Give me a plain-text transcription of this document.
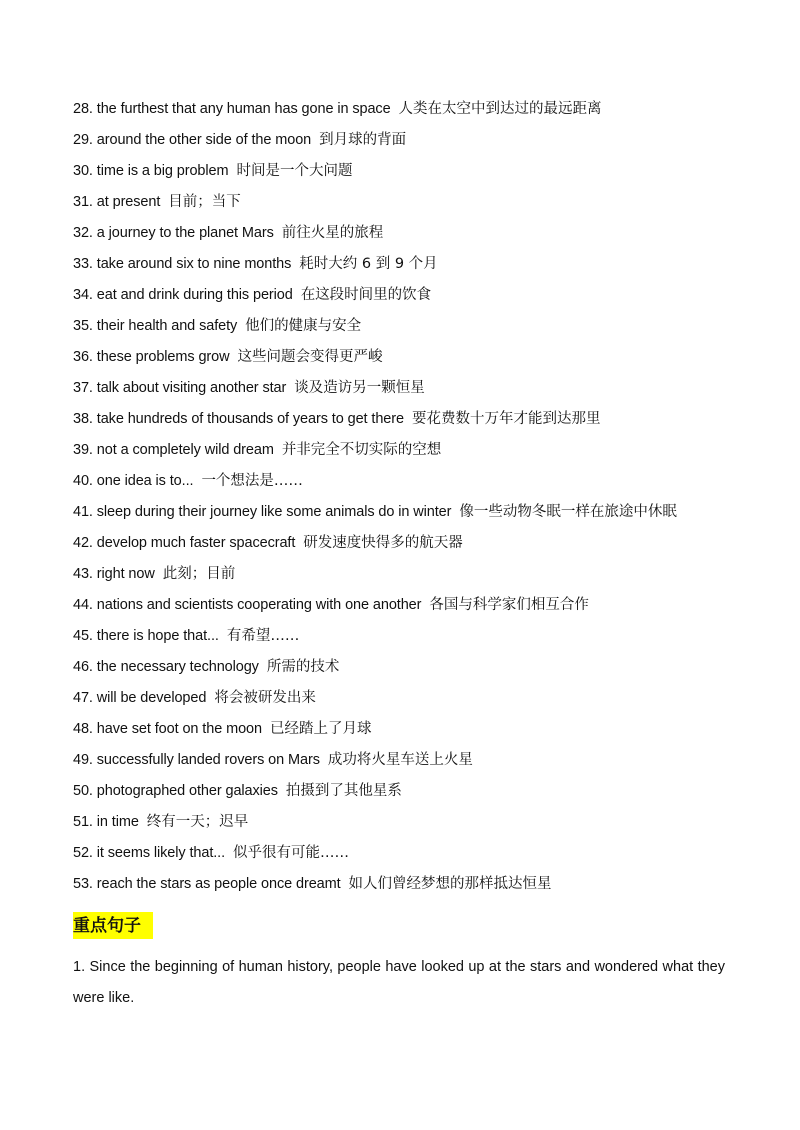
28. the furthest that any human has gone in space 人类在太空中到达过的最远距离
29. around the other side of the moon 到月球的背面
30. time is a big problem 时间是一个大问题
31. at present 目前；当下
32. a journey to the planet Mars 前往火星的旅程
33. take around six to nine months 耗时大约 6 到 9 个月
34. eat and drink during this period 在这段时间里的饮食
35. their health and safety 他们的健康与安全
36. these problems grow 这些问题会变得更严峻
37. talk about visiting another star 谈及造访另一颗恒星
38. take hundreds of thousands of years to get there 要花费数十万年才能到达那里
39. not a completely wild dream 并非完全不切实际的空想
40. one idea is to... 一个想法是……
41. sleep during their journey like some animals do in winter 像一些动物冬眠一样在旅途中休眠
42. develop much faster spacecraft 研发速度快得多的航天器
43. right now 此刻；目前
44. nations and scientists cooperating with one another 各国与科学家们相互合作
45. there is hope that... 有希望……
46. the necessary technology 所需的技术
47. will be developed 将会被研发出来
48. have set foot on the moon 已经踏上了月球
49. successfully landed rovers on Mars 成功将火星车送上火星
50. photographed other galaxies 拍摄到了其他星系
51. in time 终有一天；迟早
52. it seems likely that... 似乎很有可能……
53. reach the stars as people once dreamt 如人们曾经梦想的那样抵达恒星
重点句子
1. Since the beginning of human history, people have looked up at the stars and wondered what they were like.
